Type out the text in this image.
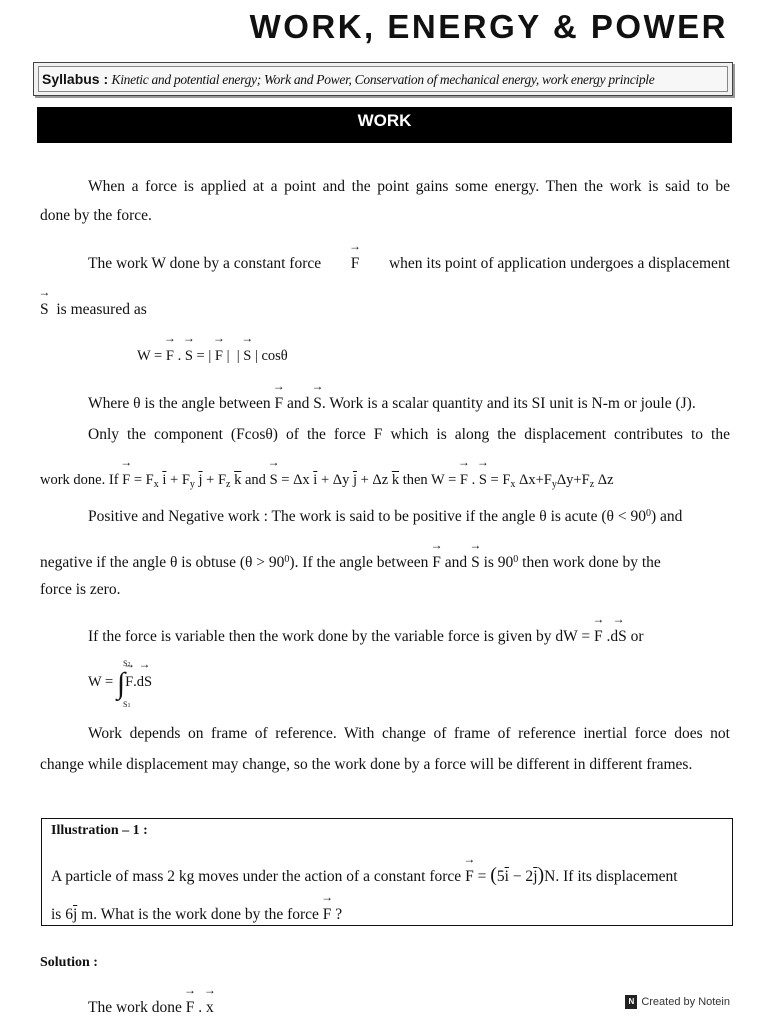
WORK, ENERGY & POWER
Syllabus : Kinetic and potential energy; Work and Power, Conservation of mechanical energy, work energy principle
WORK
When a force is applied at a point and the point gains some energy. Then the work is said to be
done by the force.
The work W done by a constant force → F when its point of application undergoes a displacement
→ S is measured as
W = → F . → S = | → F |  | → S | cosθ
Where θ is the angle between → F and → S. Work is a scalar quantity and its SI unit is N-m or joule (J).
Only the component (Fcosθ) of the force F which is along the displacement contributes to the
work done. $If \to F = F_x$ $\overline{i} + F_y$ $\overline{j} + F_z$ $\overline{k}$ and → S = Δx $\overline{i} + \Delta y$ $\overline{j} + \Delta z$ $\overline{k}$ then W = → F . → $S = F_x$ $\Delta x+F_y\Delta y+F_z$ Δz
Positive and Negative work : The work is said to be positive if the angle θ is acute $(\theta < 90^0)$ and
negative if the angle θ is obtuse $(\theta > 90^0)$. If the angle between → F and → S is $90^0$ then work done by the
force is zero.
If the force is variable then the work done by the variable force is given by dW = → F .→ dS or
W = ∫→ F.→ dS
S2
S1
Work depends on frame of reference. With change of frame of reference inertial force does not
change while displacement may change, so the work done by a force will be different in different frames.
Illustration – 1 :
A particle of mass 2 kg moves under the action of a constant force → $F = (5\overline{i} - 2\overline{j})N$. If its displacement
is $6\overline{j}$ m. What is the work done by the force → F ?
Solution :
The work done → F . → x	N Created by Notein
